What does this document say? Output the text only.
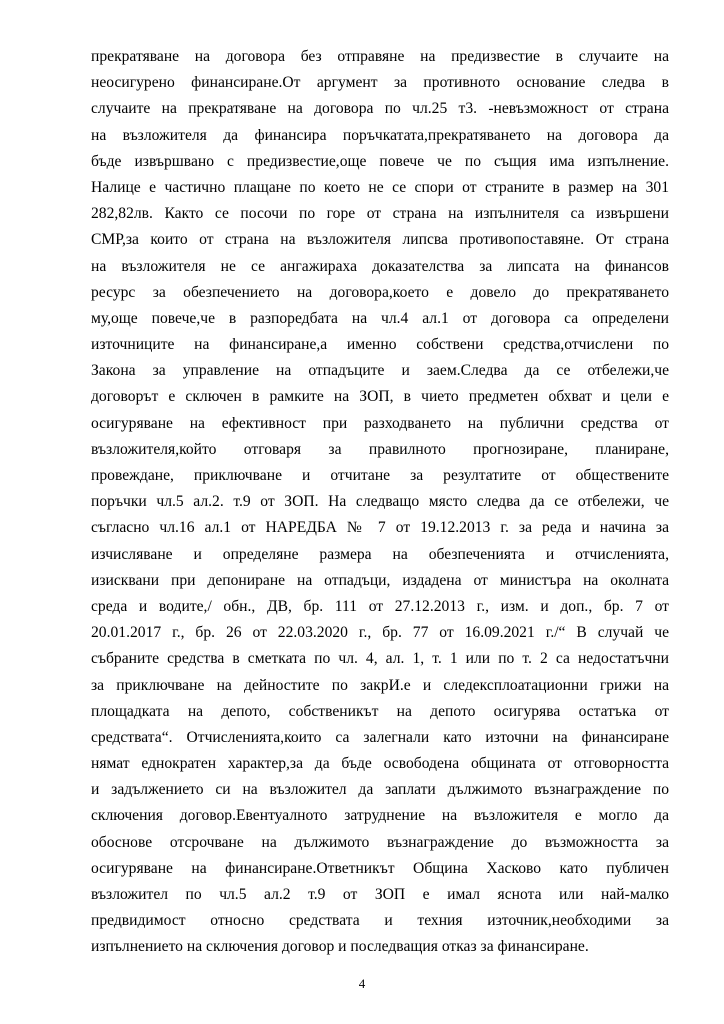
прекратяване на договора без отправяне на предизвестие в случаите на
неосигурено финансиране.От аргумент за противното основание следва в
случаите на прекратяване на договора по чл.25 т3. -невъзможност от страна
на възложителя да финансира поръчкатата,прекратяването на договора да
бъде извършвано с предизвестие,още повече че по същия има изпълнение.
Налице е частично плащане по което не се спори от страните в размер на 301
282,82лв. Както се посочи по горе от страна на изпълнителя са извършени
СМР,за които от страна на възложителя липсва противопоставяне. От страна
на възложителя не се ангажираха доказателства за липсата на финансов
ресурс за обезпечението на договора,което е довело до прекратяването
му,още повече,че в разпоредбата на чл.4 ал.1 от договора са определени
източниците на финансиране,а именно собствени средства,отчислени по
Закона за управление на отпадъците и заем.Следва да се отбележи,че
договорът е сключен в рамките на ЗОП, в чието предметен обхват и цели е
осигуряване на ефективност при разходването на публични средства от
възложителя,който отговаря за правилното прогнозиране, планиране,
провеждане, приключване и отчитане за резултатите от обществените
поръчки чл.5 ал.2. т.9 от ЗОП. На следващо място следва да се отбележи, че
съгласно чл.16 ал.1 от НАРЕДБА № 7 от 19.12.2013 г. за реда и начина за
изчисляване и определяне размера на обезпеченията и отчисленията,
изисквани при депониране на отпадъци, издадена от министъра на околната
среда и водите,/ обн., ДВ, бр. 111 от 27.12.2013 г., изм. и доп., бр. 7 от
20.01.2017 г., бр. 26 от 22.03.2020 г., бр. 77 от 16.09.2021 г./“ В случай че
събраните средства в сметката по чл. 4, ал. 1, т. 1 или по т. 2 са недостатъчни
за приключване на дейностите по закрИ.е и следексплоатационни грижи на
площадката на депото, собственикът на депото осигурява остатъка от
средствата“. Отчисленията,които са залегнали като източни на финансиране
нямат еднократен характер,за да бъде освободена общината от отговорността
и задължението си на възложител да заплати дължимото възнаграждение по
сключения договор.Евентуалното затруднение на възложителя е могло да
обоснове отсрочване на дължимото възнаграждение до възможността за
осигуряване на финансиране.Ответникът Община Хасково като публичен
възложител по чл.5 ал.2 т.9 от ЗОП е имал яснота или най-малко
предвидимост относно средствата и техния източник,необходими за
изпълнението на сключения договор и последващия отказ за финансиране.
4
